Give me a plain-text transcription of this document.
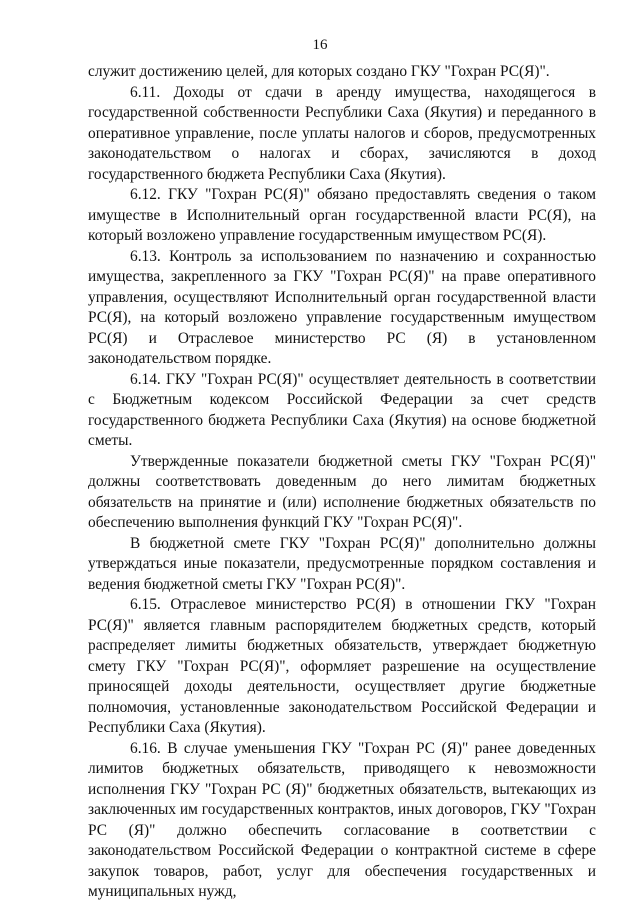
16

служит достижению целей, для которых создано ГКУ "Гохран РС(Я)".

6.11. Доходы от сдачи в аренду имущества, находящегося в государственной собственности Республики Саха (Якутия) и переданного в оперативное управление, после уплаты налогов и сборов, предусмотренных законодательством о налогах и сборах, зачисляются в доход государственного бюджета Республики Саха (Якутия).

6.12. ГКУ "Гохран РС(Я)" обязано предоставлять сведения о таком имуществе в Исполнительный орган государственной власти РС(Я), на который возложено управление государственным имуществом РС(Я).

6.13. Контроль за использованием по назначению и сохранностью имущества, закрепленного за ГКУ "Гохран РС(Я)" на праве оперативного управления, осуществляют Исполнительный орган государственной власти РС(Я), на который возложено управление государственным имуществом РС(Я) и Отраслевое министерство РС (Я) в установленном законодательством порядке.

6.14. ГКУ "Гохран РС(Я)" осуществляет деятельность в соответствии с Бюджетным кодексом Российской Федерации за счет средств государственного бюджета Республики Саха (Якутия) на основе бюджетной сметы.

Утвержденные показатели бюджетной сметы ГКУ "Гохран РС(Я)" должны соответствовать доведенным до него лимитам бюджетных обязательств на принятие и (или) исполнение бюджетных обязательств по обеспечению выполнения функций ГКУ "Гохран РС(Я)".

В бюджетной смете ГКУ "Гохран РС(Я)" дополнительно должны утверждаться иные показатели, предусмотренные порядком составления и ведения бюджетной сметы ГКУ "Гохран РС(Я)".

6.15. Отраслевое министерство РС(Я) в отношении ГКУ "Гохран РС(Я)" является главным распорядителем бюджетных средств, который распределяет лимиты бюджетных обязательств, утверждает бюджетную смету ГКУ "Гохран РС(Я)", оформляет разрешение на осуществление приносящей доходы деятельности, осуществляет другие бюджетные полномочия, установленные законодательством Российской Федерации и Республики Саха (Якутия).

6.16. В случае уменьшения ГКУ "Гохран РС (Я)" ранее доведенных лимитов бюджетных обязательств, приводящего к невозможности исполнения ГКУ "Гохран РС (Я)" бюджетных обязательств, вытекающих из заключенных им государственных контрактов, иных договоров, ГКУ "Гохран РС (Я)" должно обеспечить согласование в соответствии с законодательством Российской Федерации о контрактной системе в сфере закупок товаров, работ, услуг для обеспечения государственных и муниципальных нужд,
